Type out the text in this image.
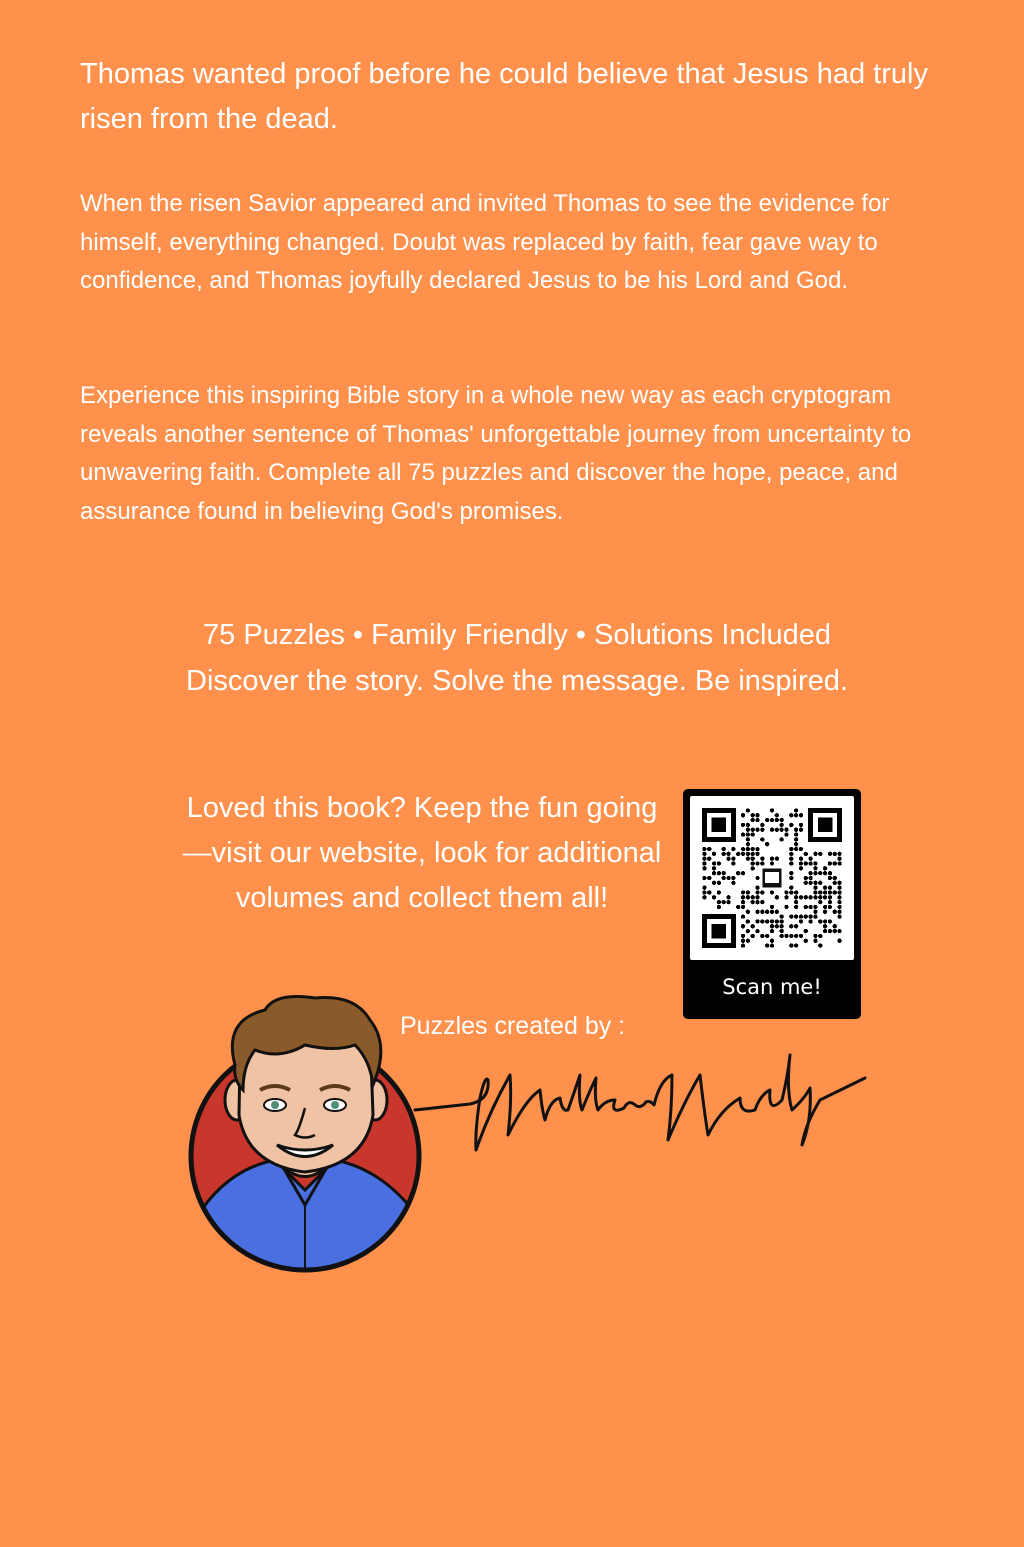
Thomas wanted proof before he could believe that Jesus had truly risen from the dead.

When the risen Savior appeared and invited Thomas to see the evidence for himself, everything changed. Doubt was replaced by faith, fear gave way to confidence, and Thomas joyfully declared Jesus to be his Lord and God.

Experience this inspiring Bible story in a whole new way as each cryptogram reveals another sentence of Thomas' unforgettable journey from uncertainty to unwavering faith. Complete all 75 puzzles and discover the hope, peace, and assurance found in believing God's promises.

75 Puzzles • Family Friendly • Solutions Included
Discover the story. Solve the message. Be inspired.
Loved this book? Keep the fun going—visit our website, look for additional volumes and collect them all!
Scan me!
Puzzles created by :
